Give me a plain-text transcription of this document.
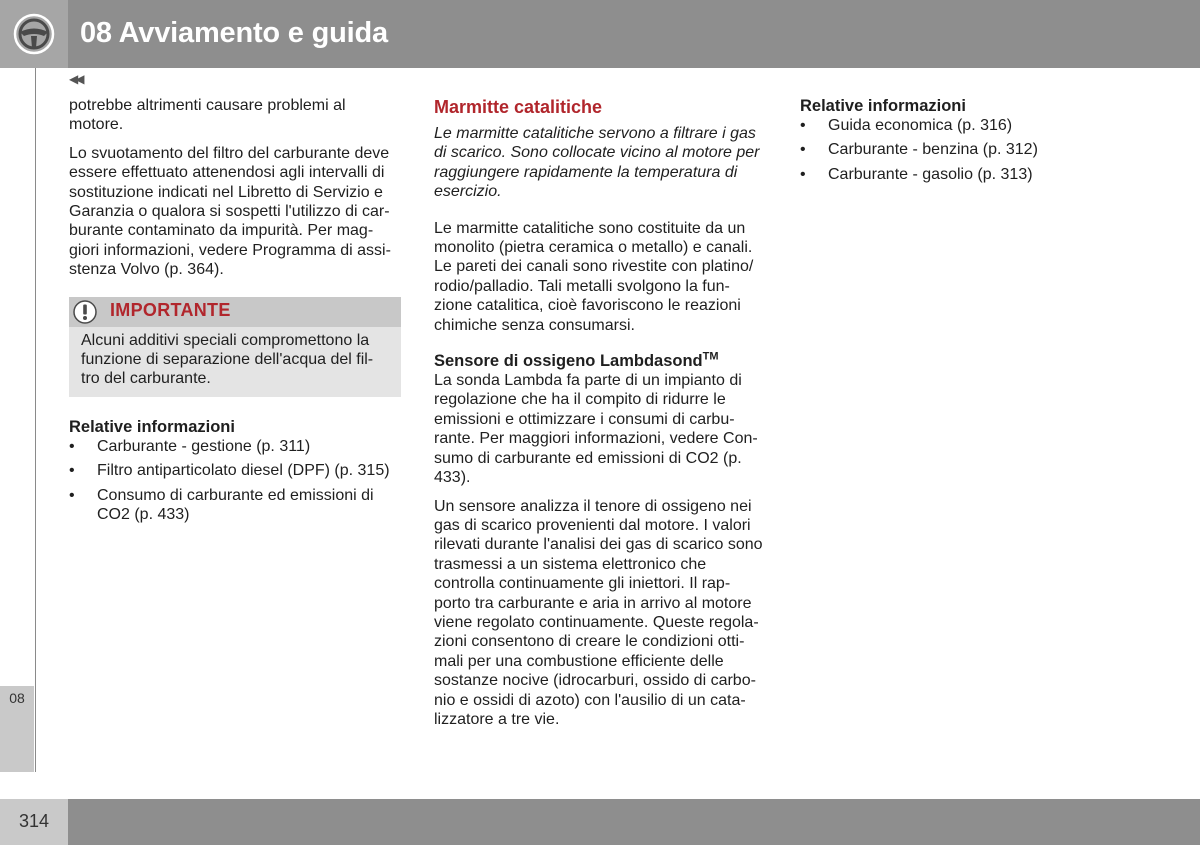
08 Avviamento e guida
◀◀
08

potrebbe altrimenti causare problemi al motore.

Lo svuotamento del filtro del carburante deve essere effettuato attenendosi agli intervalli di sostituzione indicati nel Libretto di Servizio e Garanzia o qualora si sospetti l'utilizzo di car-burante contaminato da impurità. Per mag-giori informazioni, vedere Programma di assi-stenza Volvo (p. 364).

IMPORTANTE
Alcuni additivi speciali compromettono la funzione di separazione dell'acqua del fil-tro del carburante.
Relative informazioni
• Carburante - gestione (p. 311)
• Filtro antiparticolato diesel (DPF) (p. 315)
• Consumo di carburante ed emissioni di CO2 (p. 433)
Marmitte catalitiche

Le marmitte catalitiche servono a filtrare i gas di scarico. Sono collocate vicino al motore per raggiungere rapidamente la temperatura di esercizio.

Le marmitte catalitiche sono costituite da un monolito (pietra ceramica o metallo) e canali. Le pareti dei canali sono rivestite con platino/ rodio/palladio. Tali metalli svolgono la fun-zione catalitica, cioè favoriscono le reazioni chimiche senza consumarsi.

Sensore di ossigeno Lambdasond™

La sonda Lambda fa parte di un impianto di regolazione che ha il compito di ridurre le emissioni e ottimizzare i consumi di carbu-rante. Per maggiori informazioni, vedere Con-sumo di carburante ed emissioni di CO2 (p. 433).

Un sensore analizza il tenore di ossigeno nei gas di scarico provenienti dal motore. I valori rilevati durante l'analisi dei gas di scarico sono trasmessi a un sistema elettronico che controlla continuamente gli iniettori. Il rap-porto tra carburante e aria in arrivo al motore viene regolato continuamente. Queste regola-zioni consentono di creare le condizioni otti-mali per una combustione efficiente delle sostanze nocive (idrocarburi, ossido di carbo-nio e ossidi di azoto) con l'ausilio di un cata-lizzatore a tre vie.

Relative informazioni
• Guida economica (p. 316)
• Carburante - benzina (p. 312)
• Carburante - gasolio (p. 313)
314
